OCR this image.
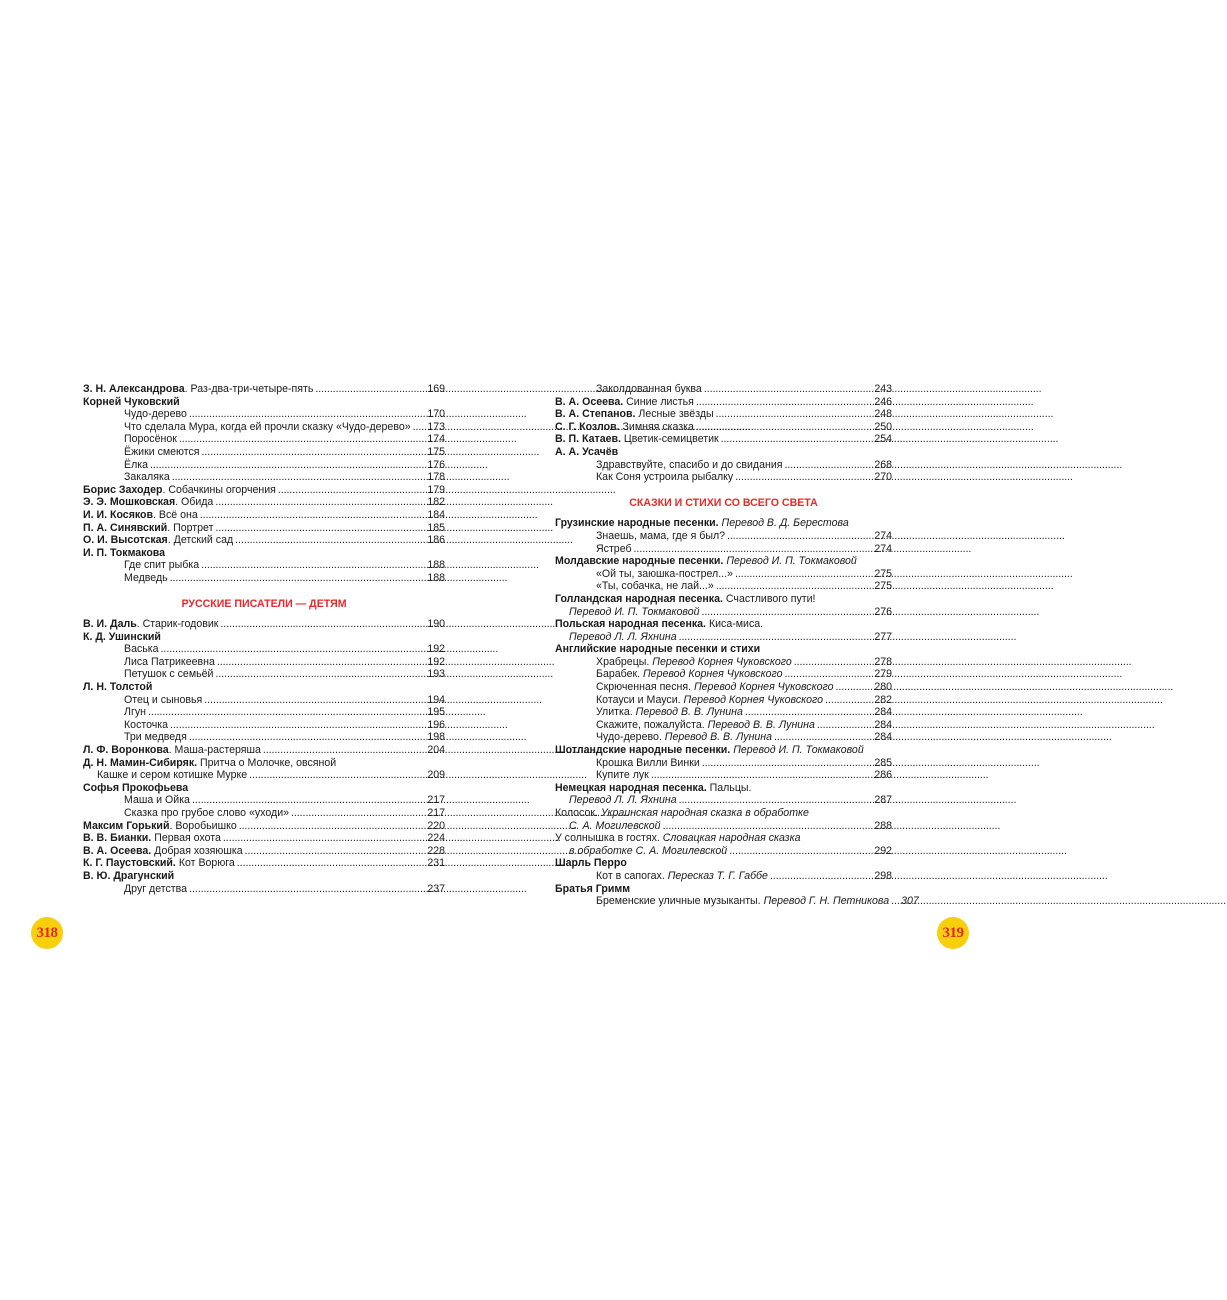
З. Н. Александрова. Раз-два-три-четыре-пять . . .	169
Корней Чуковский
Чудо-дерево . . .	170
Что сделала Мура, когда ей прочли сказку «Чудо-дерево» . . . 173
Поросёнок . . .	174
Ёжики смеются . . .	175
Ёлка . . .	176
Закаляка . . .	178
Борис Заходер. Собачкины огорчения . . .	179
Э. Э. Мошковская. Обида . . .	182
И. И. Косяков. Всё она . . .	184
П. А. Синявский. Портрет . . .	185
О. И. Высотская. Детский сад . . .	186
И. П. Токмакова
Где спит рыбка . . .	188
Медведь . . .	188
РУССКИЕ ПИСАТЕЛИ — ДЕТЯМ
В. И. Даль. Старик-годовик . . .	190
К. Д. Ушинский
Васька . . .	192
Лиса Патрикеевна . . .	192
Петушок с семьёй . . .	193
Л. Н. Толстой
Отец и сыновья . . .	194
Лгун . . .	195
Косточка . . .	196
Три медведя . . .	198
Л. Ф. Воронкова. Маша-растеряша . . .	204
Д. Н. Мамин-Сибиряк. Притча о Молочке, овсяной
Кашке и сером котишке Мурке . . .	209
Софья Прокофьева
Маша и Ойка . . .	217
Сказка про грубое слово «уходи» . . .	217
Максим Горький. Воробьишко . . .	220
В. В. Бианки. Первая охота . . .	224
В. А. Осеева. Добрая хозяюшка . . .	228
К. Г. Паустовский. Кот Ворюга . . .	231
В. Ю. Драгунский
Друг детства . . .	237
Заколдованная буква . . .	243
В. А. Осеева. Синие листья . . .	246
В. А. Степанов. Лесные звёзды . . .	248
С. Г. Козлов. Зимняя сказка . . .	250
В. П. Катаев. Цветик-семицветик . . .	254
А. А. Усачёв
Здравствуйте, спасибо и до свидания . . .	268
Как Соня устроила рыбалку . . .	270
СКАЗКИ И СТИХИ СО ВСЕГО СВЕТА
Грузинские народные песенки. Перевод В. Д. Берестова
Знаешь, мама, где я был? . . .	274
Ястреб . . .	274
Молдавские народные песенки. Перевод И. П. Токмаковой
«Ой ты, заюшка-пострел...» . . .	275
«Ты, собачка, не лай...» . . .	275
Голландская народная песенка. Счастливого пути!
Перевод И. П. Токмаковой . . .	276
Польская народная песенка. Киса-миса.
Перевод Л. Л. Яхнина . . .	277
Английские народные песенки и стихи
Храбрецы. Перевод Корнея Чуковского . . .	278
Барабек. Перевод Корнея Чуковского . . .	279
Скрюченная песня. Перевод Корнея Чуковского . . .	280
Котауси и Мауси. Перевод Корнея Чуковского . . .	282
Улитка. Перевод В. В. Лунина . . .	284
Скажите, пожалуйста. Перевод В. В. Лунина . . .	284
Чудо-дерево. Перевод В. В. Лунина . . .	284
Шотландские народные песенки. Перевод И. П. Токмаковой
Крошка Вилли Винки . . .	285
Купите лук . . .	286
Немецкая народная песенка. Пальцы.
Перевод Л. Л. Яхнина . . .	287
Колосок. Украинская народная сказка в обработке
С. А. Могилевской . . .	288
У солнышка в гостях. Словацкая народная сказка
в обработке С. А. Могилевской . . .	292
Шарль Перро
Кот в сапогах. Пересказ Т. Г. Габбе . . .	298
Братья Гримм
Бременские уличные музыканты. Перевод Г. Н. Петникова . . . 307
318	319
